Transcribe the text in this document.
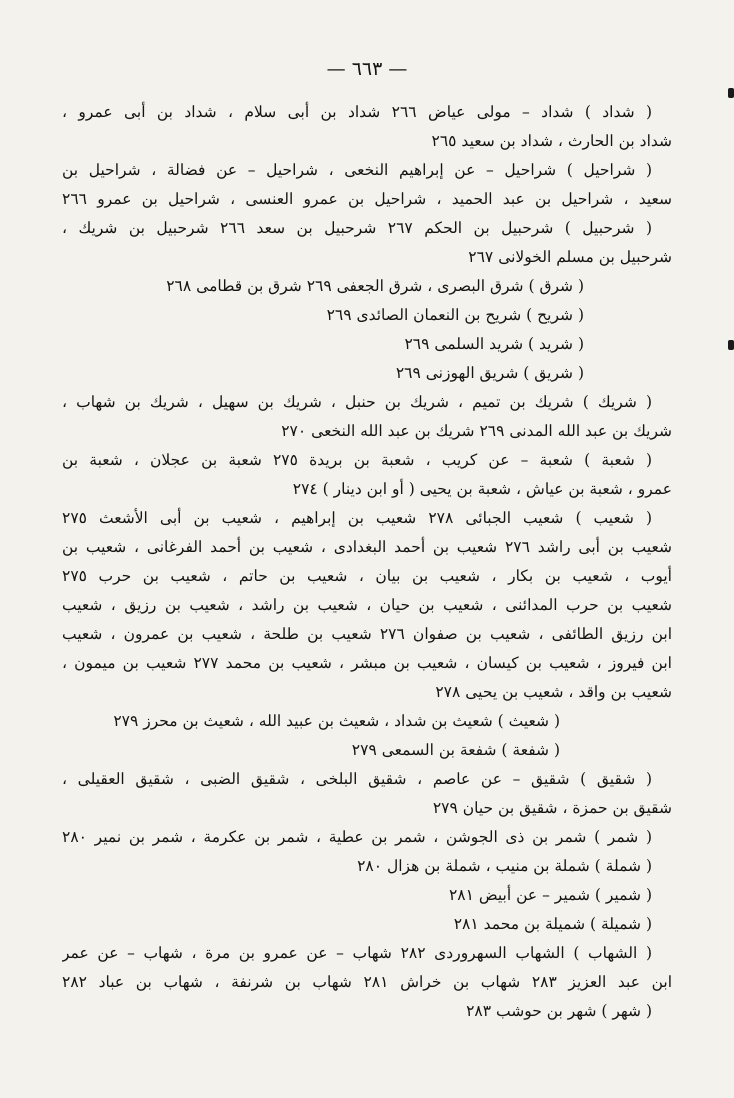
— ٦٦٣ —
( شداد ) شداد – مولى عياض ٢٦٦ شداد بن أبى سلام ، شداد بن أبى عمرو ،
شداد بن الحارث ، شداد بن سعيد ٢٦٥
( شراحيل ) شراحيل – عن إبراهيم النخعى ، شراحيل – عن فضالة ، شراحيل بن
سعيد ، شراحيل بن عبد الحميد ، شراحيل بن عمرو العنسى ، شراحيل بن عمرو ٢٦٦
( شرحبيل ) شرحبيل بن الحكم ٢٦٧ شرحبيل بن سعد ٢٦٦ شرحبيل بن شريك ،
شرحبيل بن مسلم الخولانى ٢٦٧
( شرق ) شرق البصرى ، شرق الجعفى ٢٦٩ شرق بن قطامى ٢٦٨
( شريح ) شريح بن النعمان الصائدى ٢٦٩
( شريد ) شريد السلمى ٢٦٩
( شريق ) شريق الهوزنى ٢٦٩
( شريك ) شريك بن تميم ، شريك بن حنبل ، شريك بن سهيل ، شريك بن شهاب ،
شريك بن عبد الله المدنى ٢٦٩ شريك بن عبد الله النخعى ٢٧٠
( شعبة ) شعبة – عن كريب ، شعبة بن بريدة ٢٧٥ شعبة بن عجلان ، شعبة بن
عمرو ، شعبة بن عياش ، شعبة بن يحيى ( أو ابن دينار ) ٢٧٤
( شعيب ) شعيب الجبائى ٢٧٨ شعيب بن إبراهيم ، شعيب بن أبى الأشعث ٢٧٥
شعيب بن أبى راشد ٢٧٦ شعيب بن أحمد البغدادى ، شعيب بن أحمد الفرغانى ، شعيب بن
أيوب ، شعيب بن بكار ، شعيب بن بيان ، شعيب بن حاتم ، شعيب بن حرب ٢٧٥
شعيب بن حرب المدائنى ، شعيب بن حيان ، شعيب بن راشد ، شعيب بن رزيق ، شعيب
ابن رزيق الطائفى ، شعيب بن صفوان ٢٧٦ شعيب بن طلحة ، شعيب بن عمرون ، شعيب
ابن فيروز ، شعيب بن كيسان ، شعيب بن مبشر ، شعيب بن محمد ٢٧٧ شعيب بن ميمون ،
شعيب بن واقد ، شعيب بن يحيى ٢٧٨
( شعيث ) شعيث بن شداد ، شعيث بن عبيد الله ، شعيث بن محرز ٢٧٩
( شفعة ) شفعة بن السمعى ٢٧٩
( شقيق ) شقيق – عن عاصم ، شقيق البلخى ، شقيق الضبى ، شقيق العقيلى ،
شقيق بن حمزة ، شقيق بن حيان ٢٧٩
( شمر ) شمر بن ذى الجوشن ، شمر بن عطية ، شمر بن عكرمة ، شمر بن نمير ٢٨٠
( شملة ) شملة بن منيب ، شملة بن هزال ٢٨٠
( شمير ) شمير – عن أبيض ٢٨١
( شميلة ) شميلة بن محمد ٢٨١
( الشهاب ) الشهاب السهروردى ٢٨٢ شهاب – عن عمرو بن مرة ، شهاب – عن عمر
ابن عبد العزيز ٢٨٣ شهاب بن خراش ٢٨١ شهاب بن شرنفة ، شهاب بن عباد ٢٨٢
( شهر ) شهر بن حوشب ٢٨٣
